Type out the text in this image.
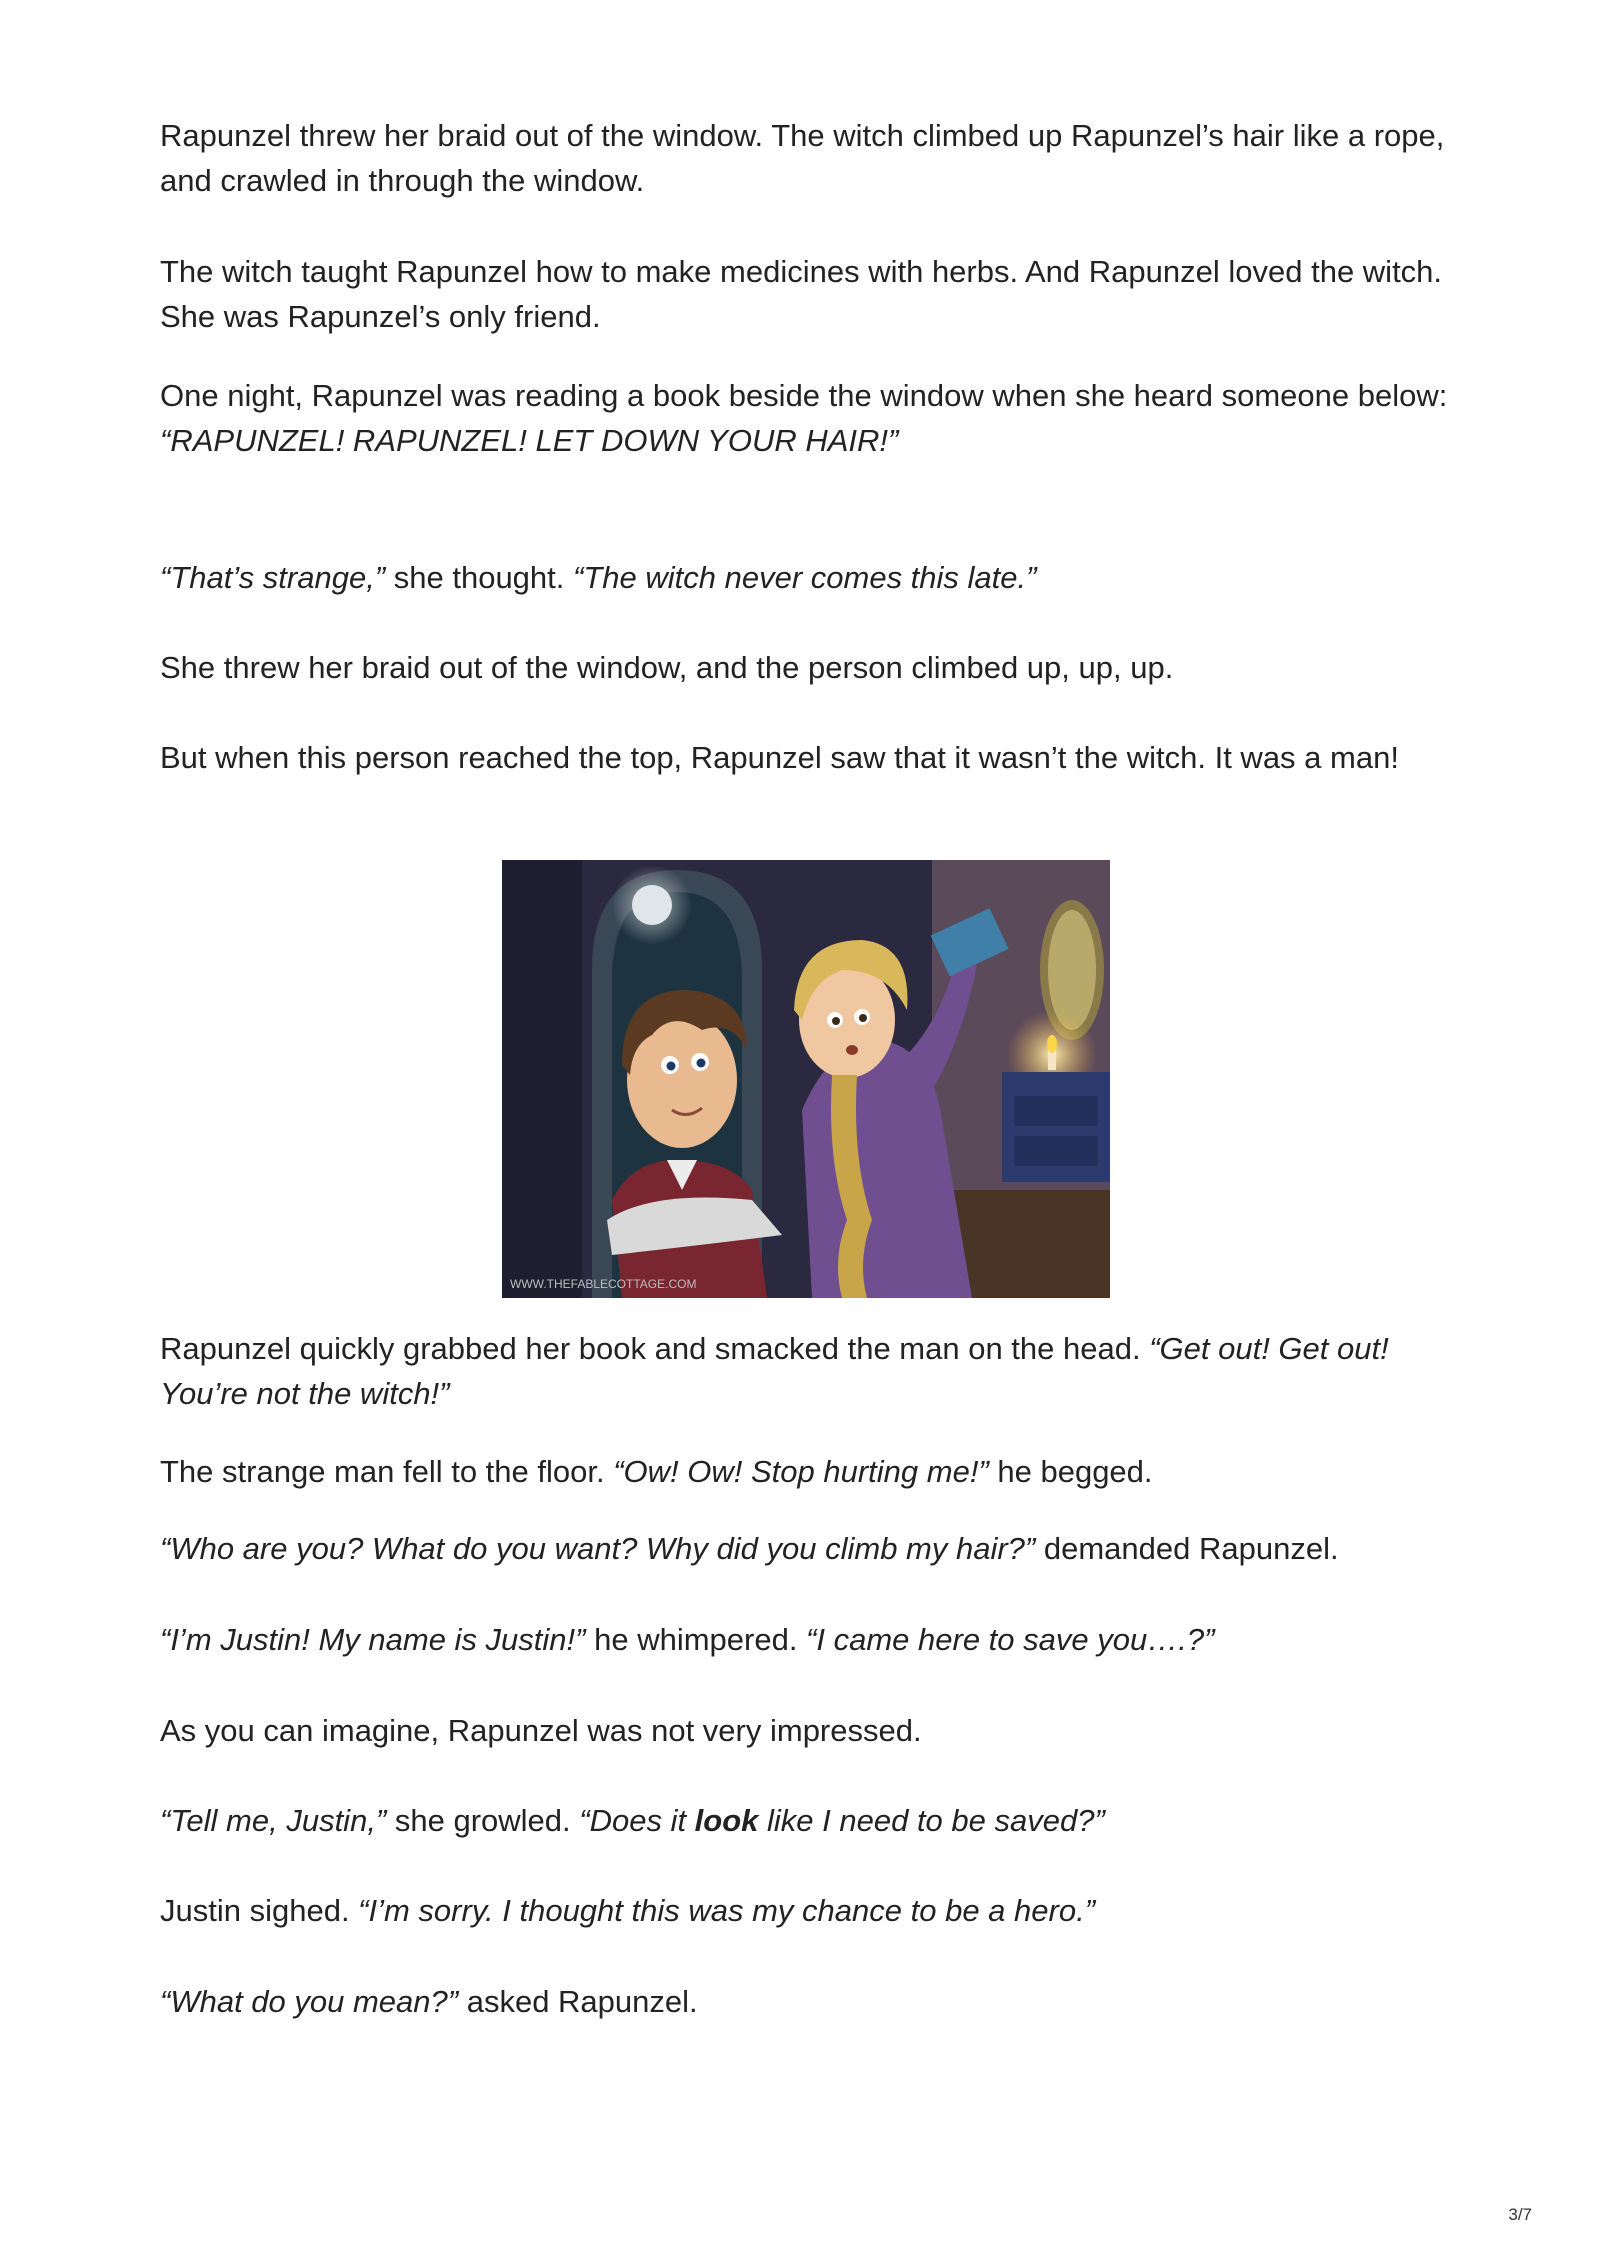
Rapunzel threw her braid out of the window. The witch climbed up Rapunzel’s hair like a rope, and crawled in through the window.

The witch taught Rapunzel how to make medicines with herbs. And Rapunzel loved the witch. She was Rapunzel’s only friend.

One night, Rapunzel was reading a book beside the window when she heard someone below:
“RAPUNZEL! RAPUNZEL! LET DOWN YOUR HAIR!”

“That’s strange,” she thought. “The witch never comes this late.”

She threw her braid out of the window, and the person climbed up, up, up.

But when this person reached the top, Rapunzel saw that it wasn’t the witch. It was a man!

WWW.THEFABLECOTTAGE.COM

Rapunzel quickly grabbed her book and smacked the man on the head. “Get out! Get out! You’re not the witch!”

The strange man fell to the floor. “Ow! Ow! Stop hurting me!” he begged.

“Who are you? What do you want? Why did you climb my hair?” demanded Rapunzel.

“I’m Justin! My name is Justin!” he whimpered. “I came here to save you….?”

As you can imagine, Rapunzel was not very impressed.

“Tell me, Justin,” she growled. “Does it look like I need to be saved?”

Justin sighed. “I’m sorry. I thought this was my chance to be a hero.”

“What do you mean?” asked Rapunzel.

3/7
